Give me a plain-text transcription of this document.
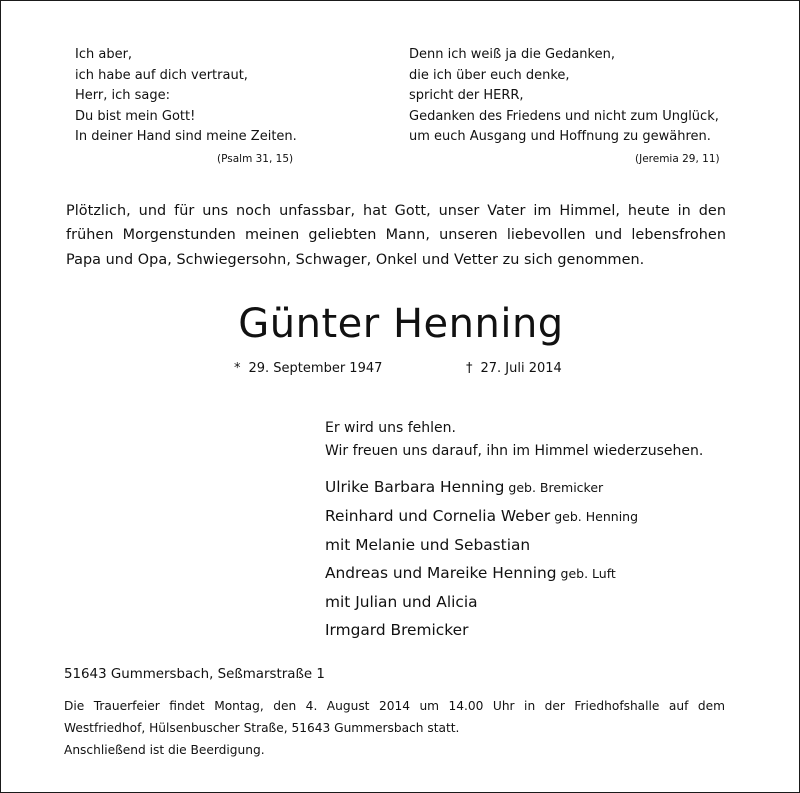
Ich aber,
ich habe auf dich vertraut,
Herr, ich sage:
Du bist mein Gott!
In deiner Hand sind meine Zeiten.
(Psalm 31, 15)
Denn ich weiß ja die Gedanken,
die ich über euch denke,
spricht der HERR,
Gedanken des Friedens und nicht zum Unglück,
um euch Ausgang und Hoffnung zu gewähren.
(Jeremia 29, 11)

Plötzlich, und für uns noch unfassbar, hat Gott, unser Vater im Himmel, heute in den frühen Morgenstunden meinen geliebten Mann, unseren liebevollen und lebensfrohen Papa und Opa, Schwiegersohn, Schwager, Onkel und Vetter zu sich genommen.

Günter Henning
* 29. September 1947	† 27. Juli 2014
Er wird uns fehlen.
Wir freuen uns darauf, ihn im Himmel wiederzusehen.
Ulrike Barbara Henning geb. Bremicker
Reinhard und Cornelia Weber geb. Henning
mit Melanie und Sebastian
Andreas und Mareike Henning geb. Luft
mit Julian und Alicia
Irmgard Bremicker
51643 Gummersbach, Seßmarstraße 1

Die Trauerfeier findet Montag, den 4. August 2014 um 14.00 Uhr in der Friedhofshalle auf dem Westfriedhof, Hülsenbuscher Straße, 51643 Gummersbach statt.

Anschließend ist die Beerdigung.
